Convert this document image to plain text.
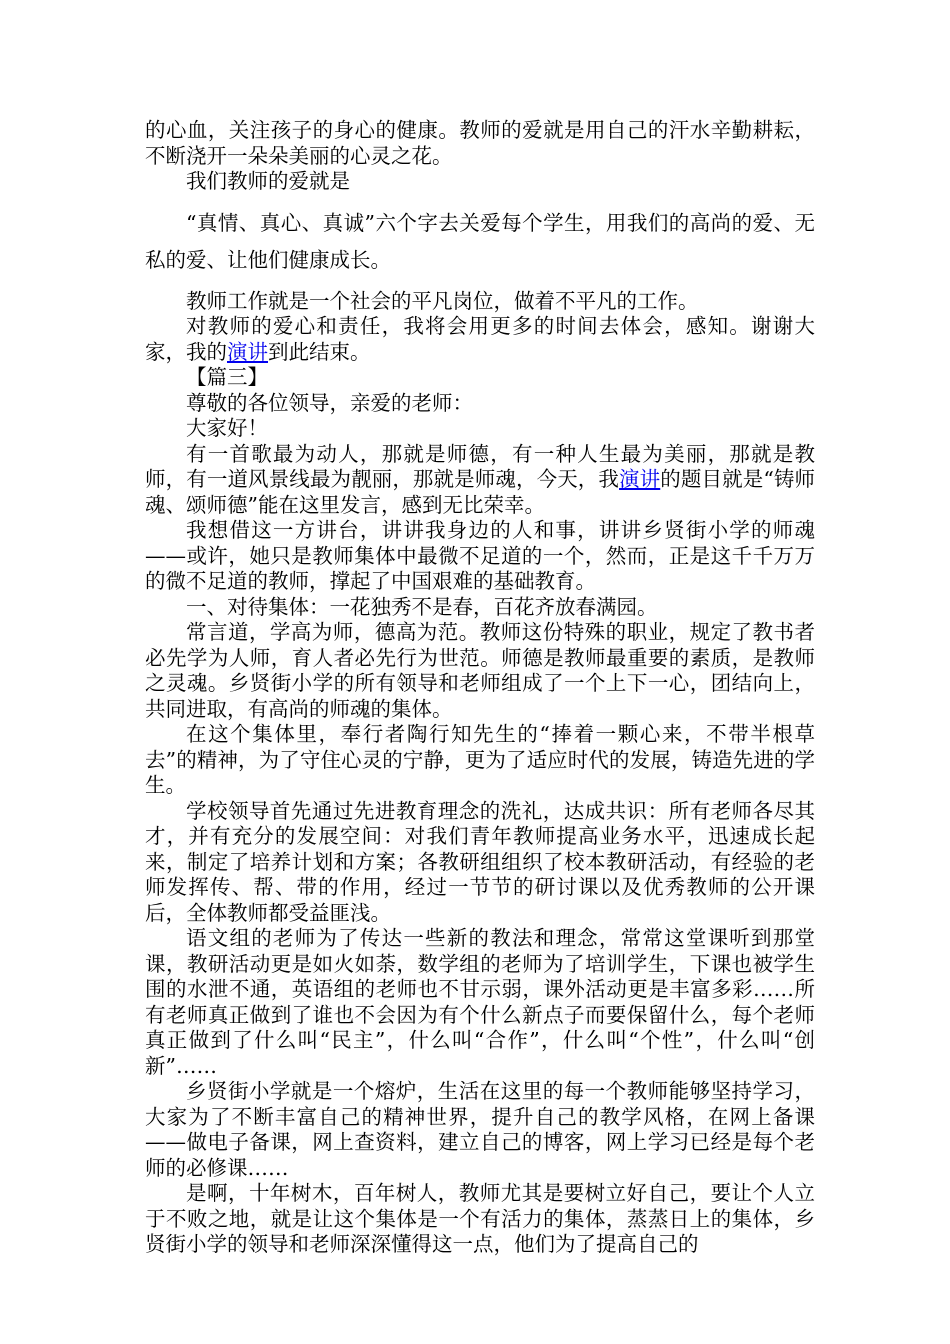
的心血，关注孩子的身心的健康。教师的爱就是用自己的汗水辛勤耕耘，不断浇开一朵朵美丽的心灵之花。

我们教师的爱就是

“真情、真心、真诚”六个字去关爱每个学生，用我们的高尚的爱、无私的爱、让他们健康成长。

教师工作就是一个社会的平凡岗位，做着不平凡的工作。

对教师的爱心和责任，我将会用更多的时间去体会，感知。谢谢大家，我的演讲到此结束。

【篇三】

尊敬的各位领导，亲爱的老师：

大家好！

有一首歌最为动人，那就是师德，有一种人生最为美丽，那就是教师，有一道风景线最为靓丽，那就是师魂，今天，我演讲的题目就是“铸师魂、颂师德”能在这里发言，感到无比荣幸。

我想借这一方讲台，讲讲我身边的人和事，讲讲乡贤街小学的师魂——或许，她只是教师集体中最微不足道的一个，然而，正是这千千万万的微不足道的教师，撑起了中国艰难的基础教育。

一、对待集体：一花独秀不是春，百花齐放春满园。

常言道，学高为师，德高为范。教师这份特殊的职业，规定了教书者必先学为人师，育人者必先行为世范。师德是教师最重要的素质，是教师之灵魂。乡贤街小学的所有领导和老师组成了一个上下一心，团结向上，共同进取，有高尚的师魂的集体。

在这个集体里，奉行者陶行知先生的“捧着一颗心来，不带半根草去”的精神，为了守住心灵的宁静，更为了适应时代的发展，铸造先进的学生。

学校领导首先通过先进教育理念的洗礼，达成共识：所有老师各尽其才，并有充分的发展空间：对我们青年教师提高业务水平，迅速成长起来，制定了培养计划和方案；各教研组组织了校本教研活动，有经验的老师发挥传、帮、带的作用，经过一节节的研讨课以及优秀教师的公开课后，全体教师都受益匪浅。

语文组的老师为了传达一些新的教法和理念，常常这堂课听到那堂课，教研活动更是如火如荼，数学组的老师为了培训学生，下课也被学生围的水泄不通，英语组的老师也不甘示弱，课外活动更是丰富多彩……所有老师真正做到了谁也不会因为有个什么新点子而要保留什么，每个老师真正做到了什么叫“民主”，什么叫“合作”，什么叫“个性”，什么叫“创新”……

乡贤街小学就是一个熔炉，生活在这里的每一个教师能够坚持学习，大家为了不断丰富自己的精神世界，提升自己的教学风格，在网上备课——做电子备课，网上查资料，建立自己的博客，网上学习已经是每个老师的必修课……

是啊，十年树木，百年树人，教师尤其是要树立好自己，要让个人立于不败之地，就是让这个集体是一个有活力的集体，蒸蒸日上的集体，乡贤街小学的领导和老师深深懂得这一点，他们为了提高自己的
